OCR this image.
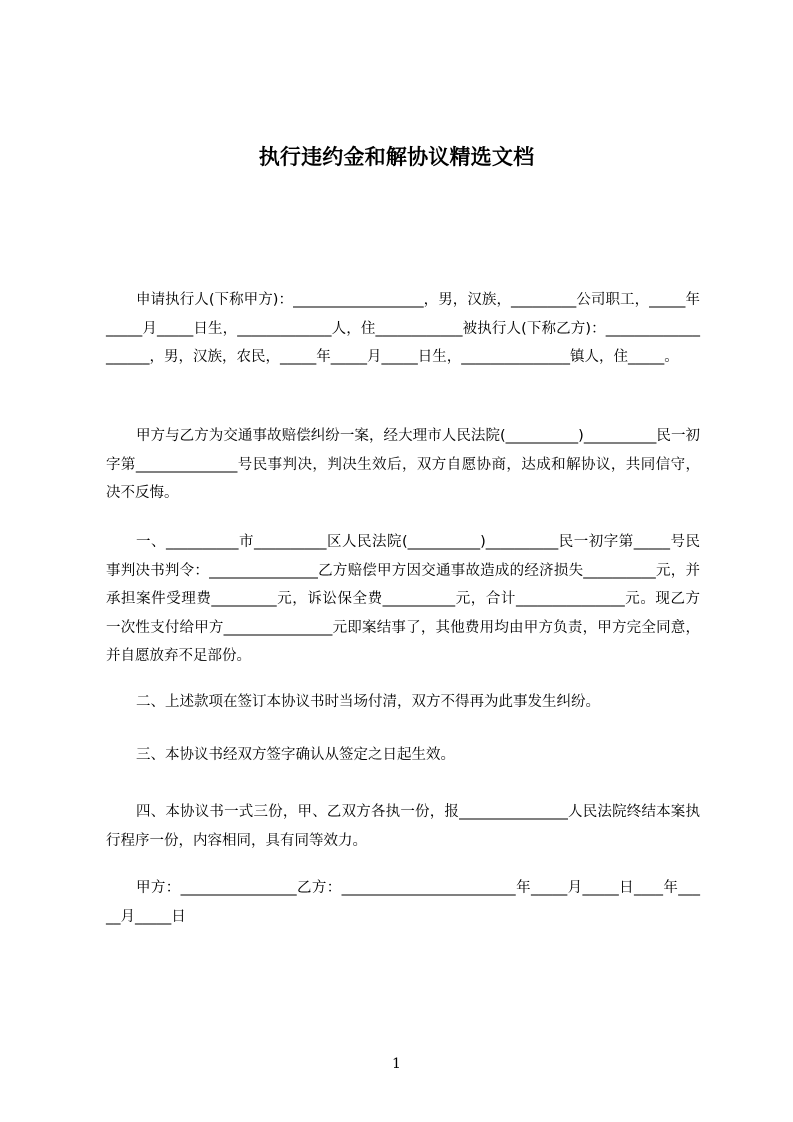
执行违约金和解协议精选文档
申请执行人(下称甲方)：__________________，男，汉族，_________公司职工，_____年_____月_____日生，_____________人，住____________被执行人(下称乙方)：___________________，男，汉族，农民，_____年_____月_____日生，_______________镇人，住_____。
甲方与乙方为交通事故赔偿纠纷一案，经大理市人民法院(__________)__________民一初字第______________号民事判决，判决生效后，双方自愿协商，达成和解协议，共同信守，决不反悔。
一、__________市__________区人民法院(__________)__________民一初字第_____号民事判决书判令：_______________乙方赔偿甲方因交通事故造成的经济损失__________元，并承担案件受理费_________元，诉讼保全费__________元，合计_______________元。现乙方一次性支付给甲方_______________元即案结事了，其他费用均由甲方负责，甲方完全同意，并自愿放弃不足部份。
二、上述款项在签订本协议书时当场付清，双方不得再为此事发生纠纷。
三、本协议书经双方签字确认从签定之日起生效。
四、本协议书一式三份，甲、乙双方各执一份，报_______________人民法院终结本案执行程序一份，内容相同，具有同等效力。
甲方：________________乙方：________________________年_____月_____日____年_____月_____日
1
